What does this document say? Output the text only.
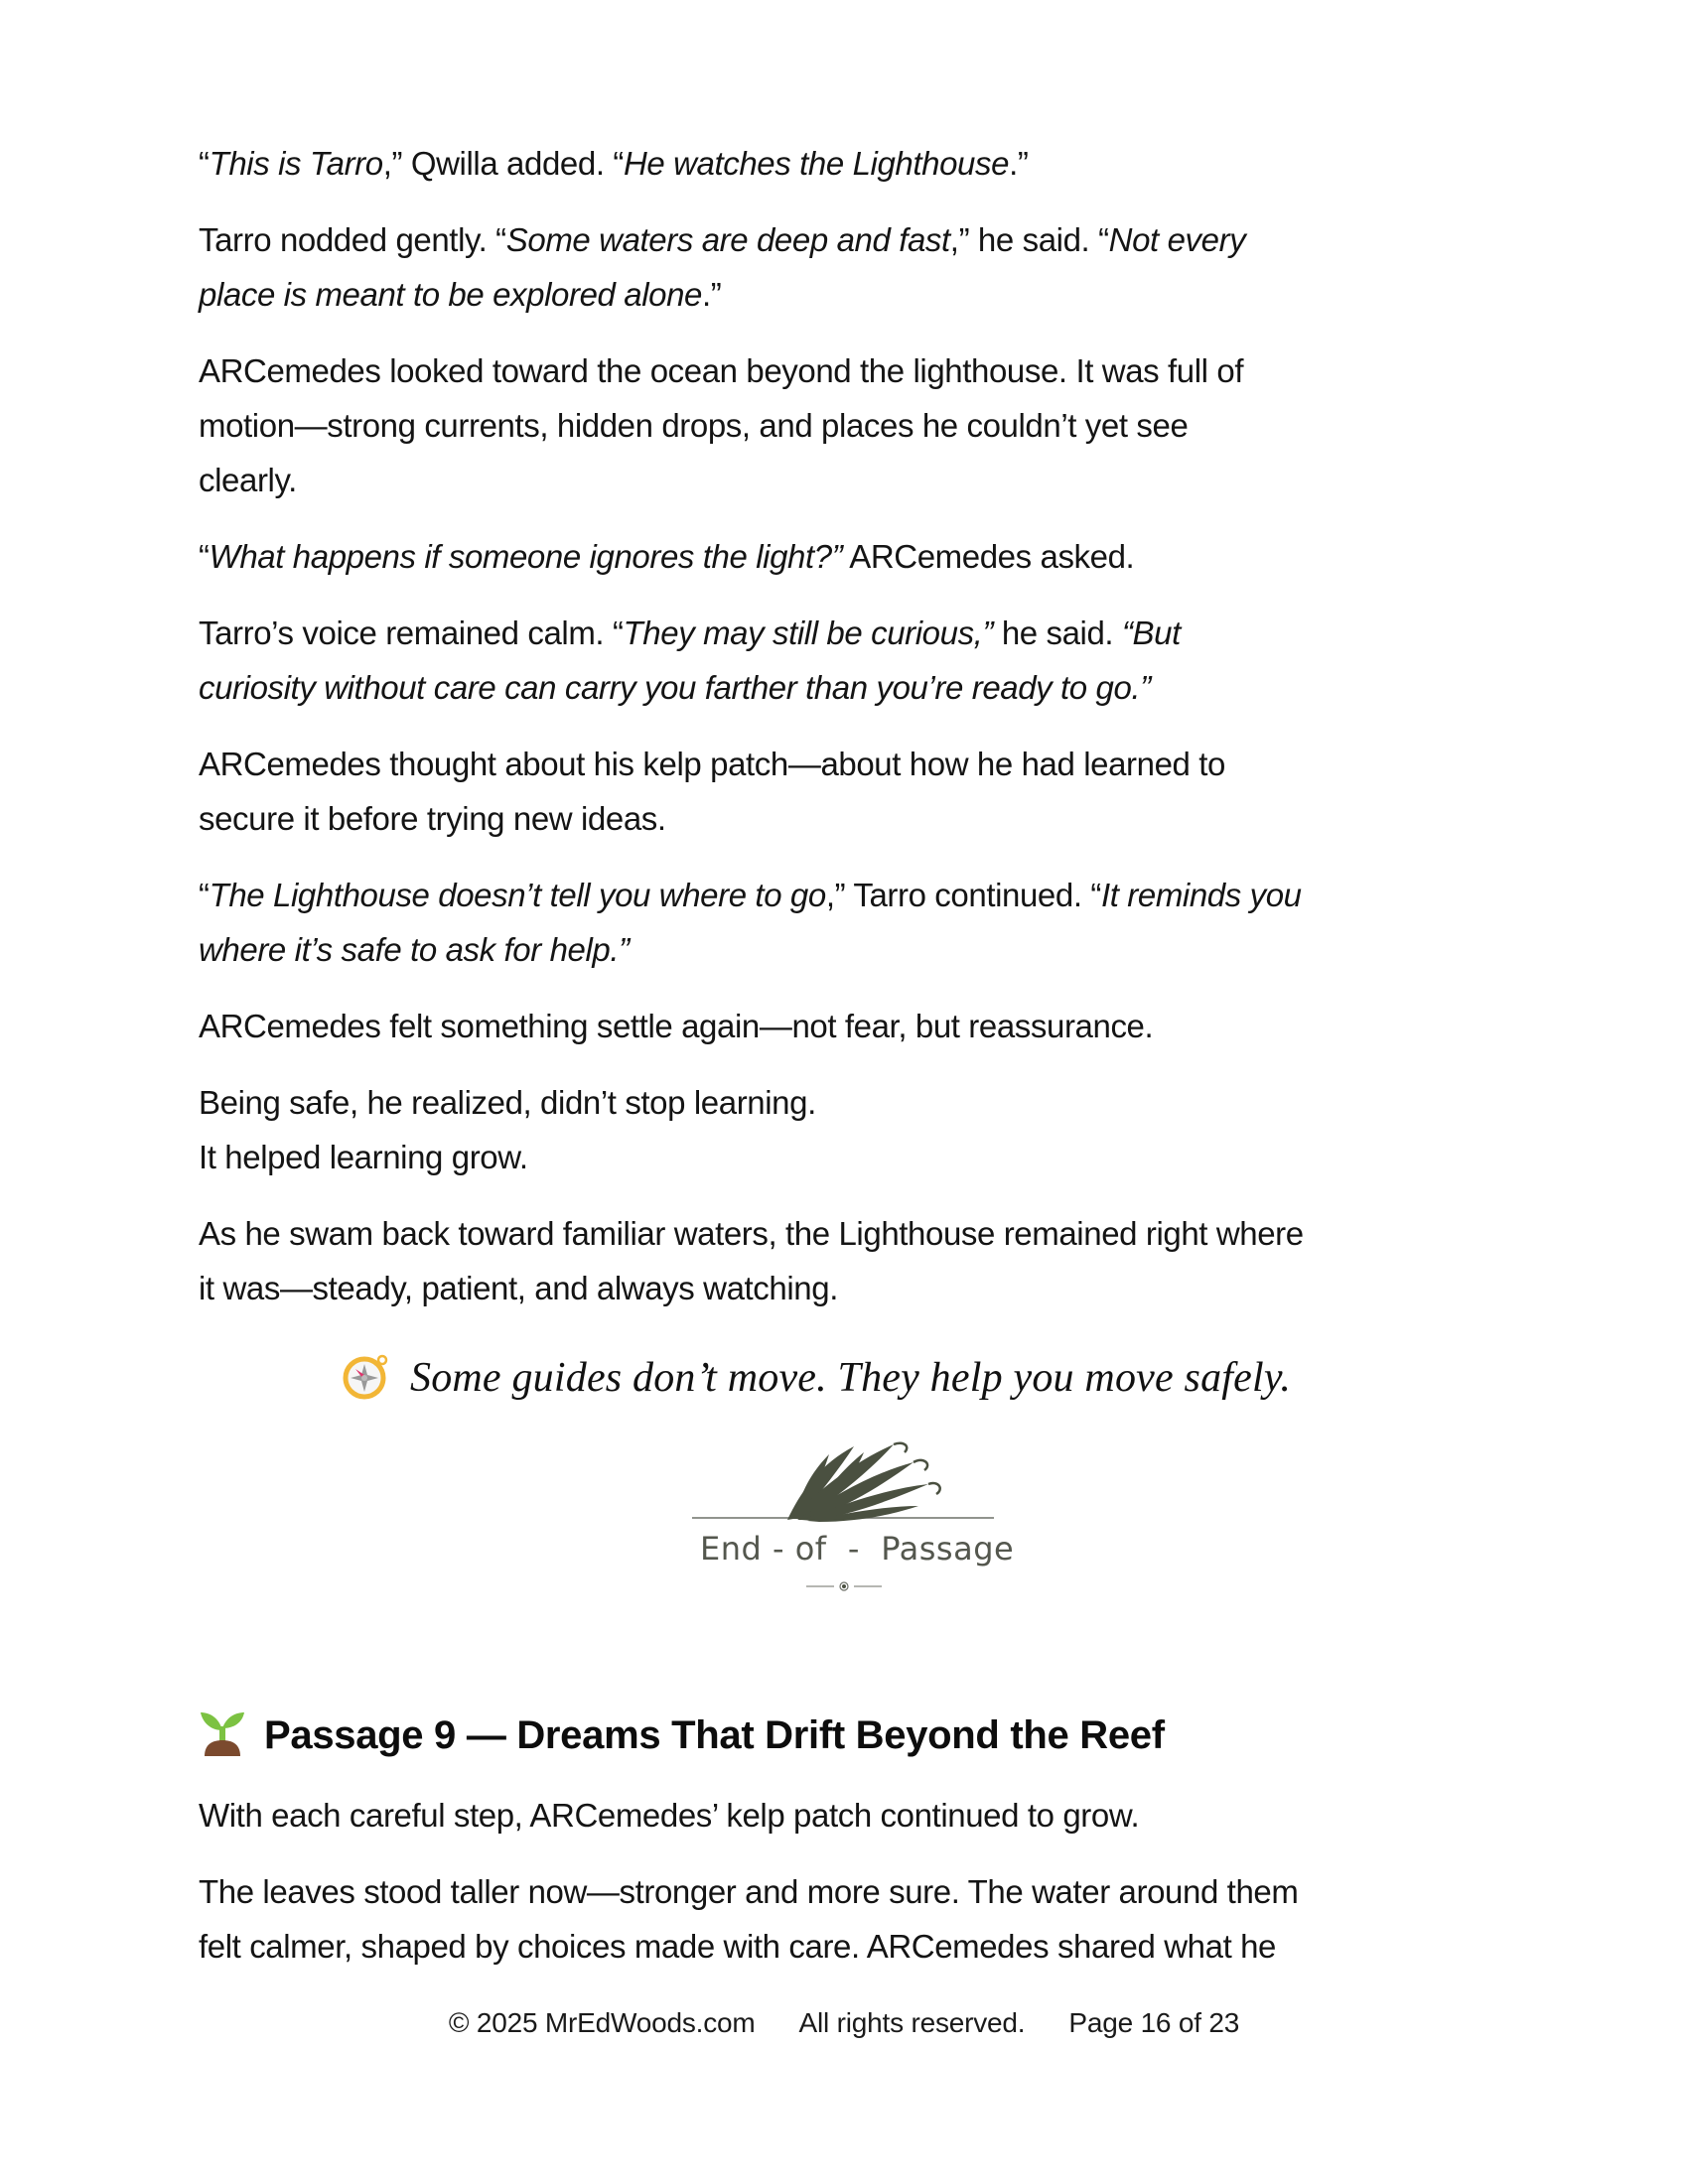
“This is Tarro,” Qwilla added. “He watches the Lighthouse.”
Tarro nodded gently. “Some waters are deep and fast,” he said. “Not every
place is meant to be explored alone.”
ARCemedes looked toward the ocean beyond the lighthouse. It was full of
motion—strong currents, hidden drops, and places he couldn’t yet see
clearly.
“What happens if someone ignores the light?” ARCemedes asked.
Tarro’s voice remained calm. “They may still be curious,” he said. “But
curiosity without care can carry you farther than you’re ready to go.”
ARCemedes thought about his kelp patch—about how he had learned to
secure it before trying new ideas.
“The Lighthouse doesn’t tell you where to go,” Tarro continued. “It reminds you
where it’s safe to ask for help.”
ARCemedes felt something settle again—not fear, but reassurance.
Being safe, he realized, didn’t stop learning.
It helped learning grow.
As he swam back toward familiar waters, the Lighthouse remained right where
it was—steady, patient, and always watching.
Some guides don’t move. They help you move safely.
End - of  -  Passage
Passage 9 — Dreams That Drift Beyond the Reef
With each careful step, ARCemedes’ kelp patch continued to grow.
The leaves stood taller now—stronger and more sure. The water around them
felt calmer, shaped by choices made with care. ARCemedes shared what he
© 2025 MrEdWoods.com All rights reserved. Page 16 of 23
